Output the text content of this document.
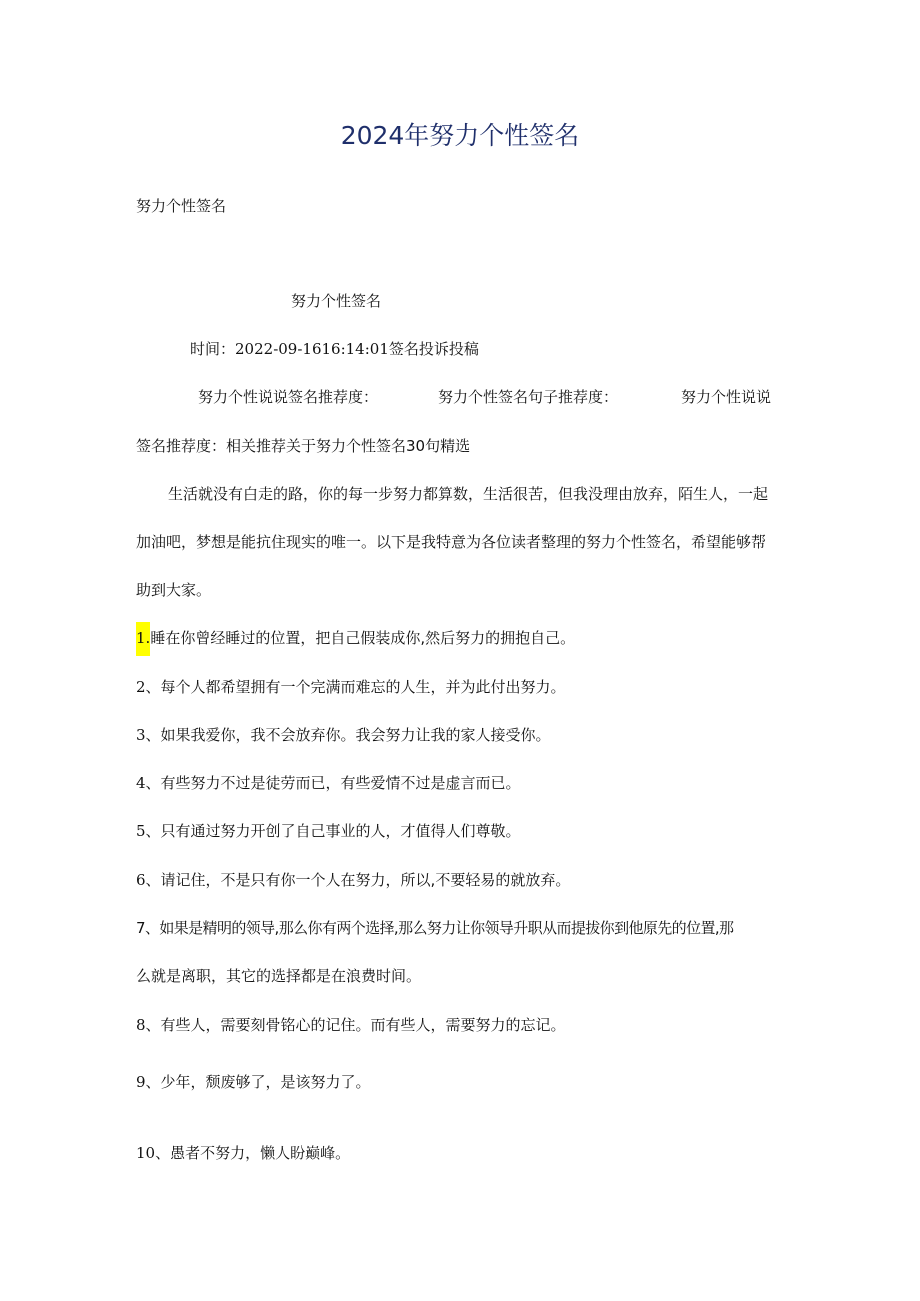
2024年努力个性签名
努力个性签名
努力个性签名
时间：2022-09-1616:14:01签名投诉投稿
努力个性说说签名推荐度：	努力个性签名句子推荐度：	努力个性说说
签名推荐度：相关推荐关于努力个性签名30句精选
生活就没有白走的路，你的每一步努力都算数，生活很苦，但我没理由放弃，陌生人，一起
加油吧，梦想是能抗住现实的唯一。以下是我特意为各位读者整理的努力个性签名，希望能够帮
助到大家。
1.睡在你曾经睡过的位置，把自己假装成你,然后努力的拥抱自己。
2、每个人都希望拥有一个完满而难忘的人生，并为此付出努力。
3、如果我爱你，我不会放弃你。我会努力让我的家人接受你。
4、有些努力不过是徒劳而已，有些爱情不过是虚言而已。
5、只有通过努力开创了自己事业的人，才值得人们尊敬。
6、请记住，不是只有你一个人在努力，所以,不要轻易的就放弃。
7、如果是精明的领导,那么你有两个选择,那么努力让你领导升职从而提拔你到他原先的位置,那
么就是离职，其它的选择都是在浪费时间。
8、有些人，需要刻骨铭心的记住。而有些人，需要努力的忘记。
9、少年，颓废够了，是该努力了。
10、愚者不努力，懒人盼巅峰。
